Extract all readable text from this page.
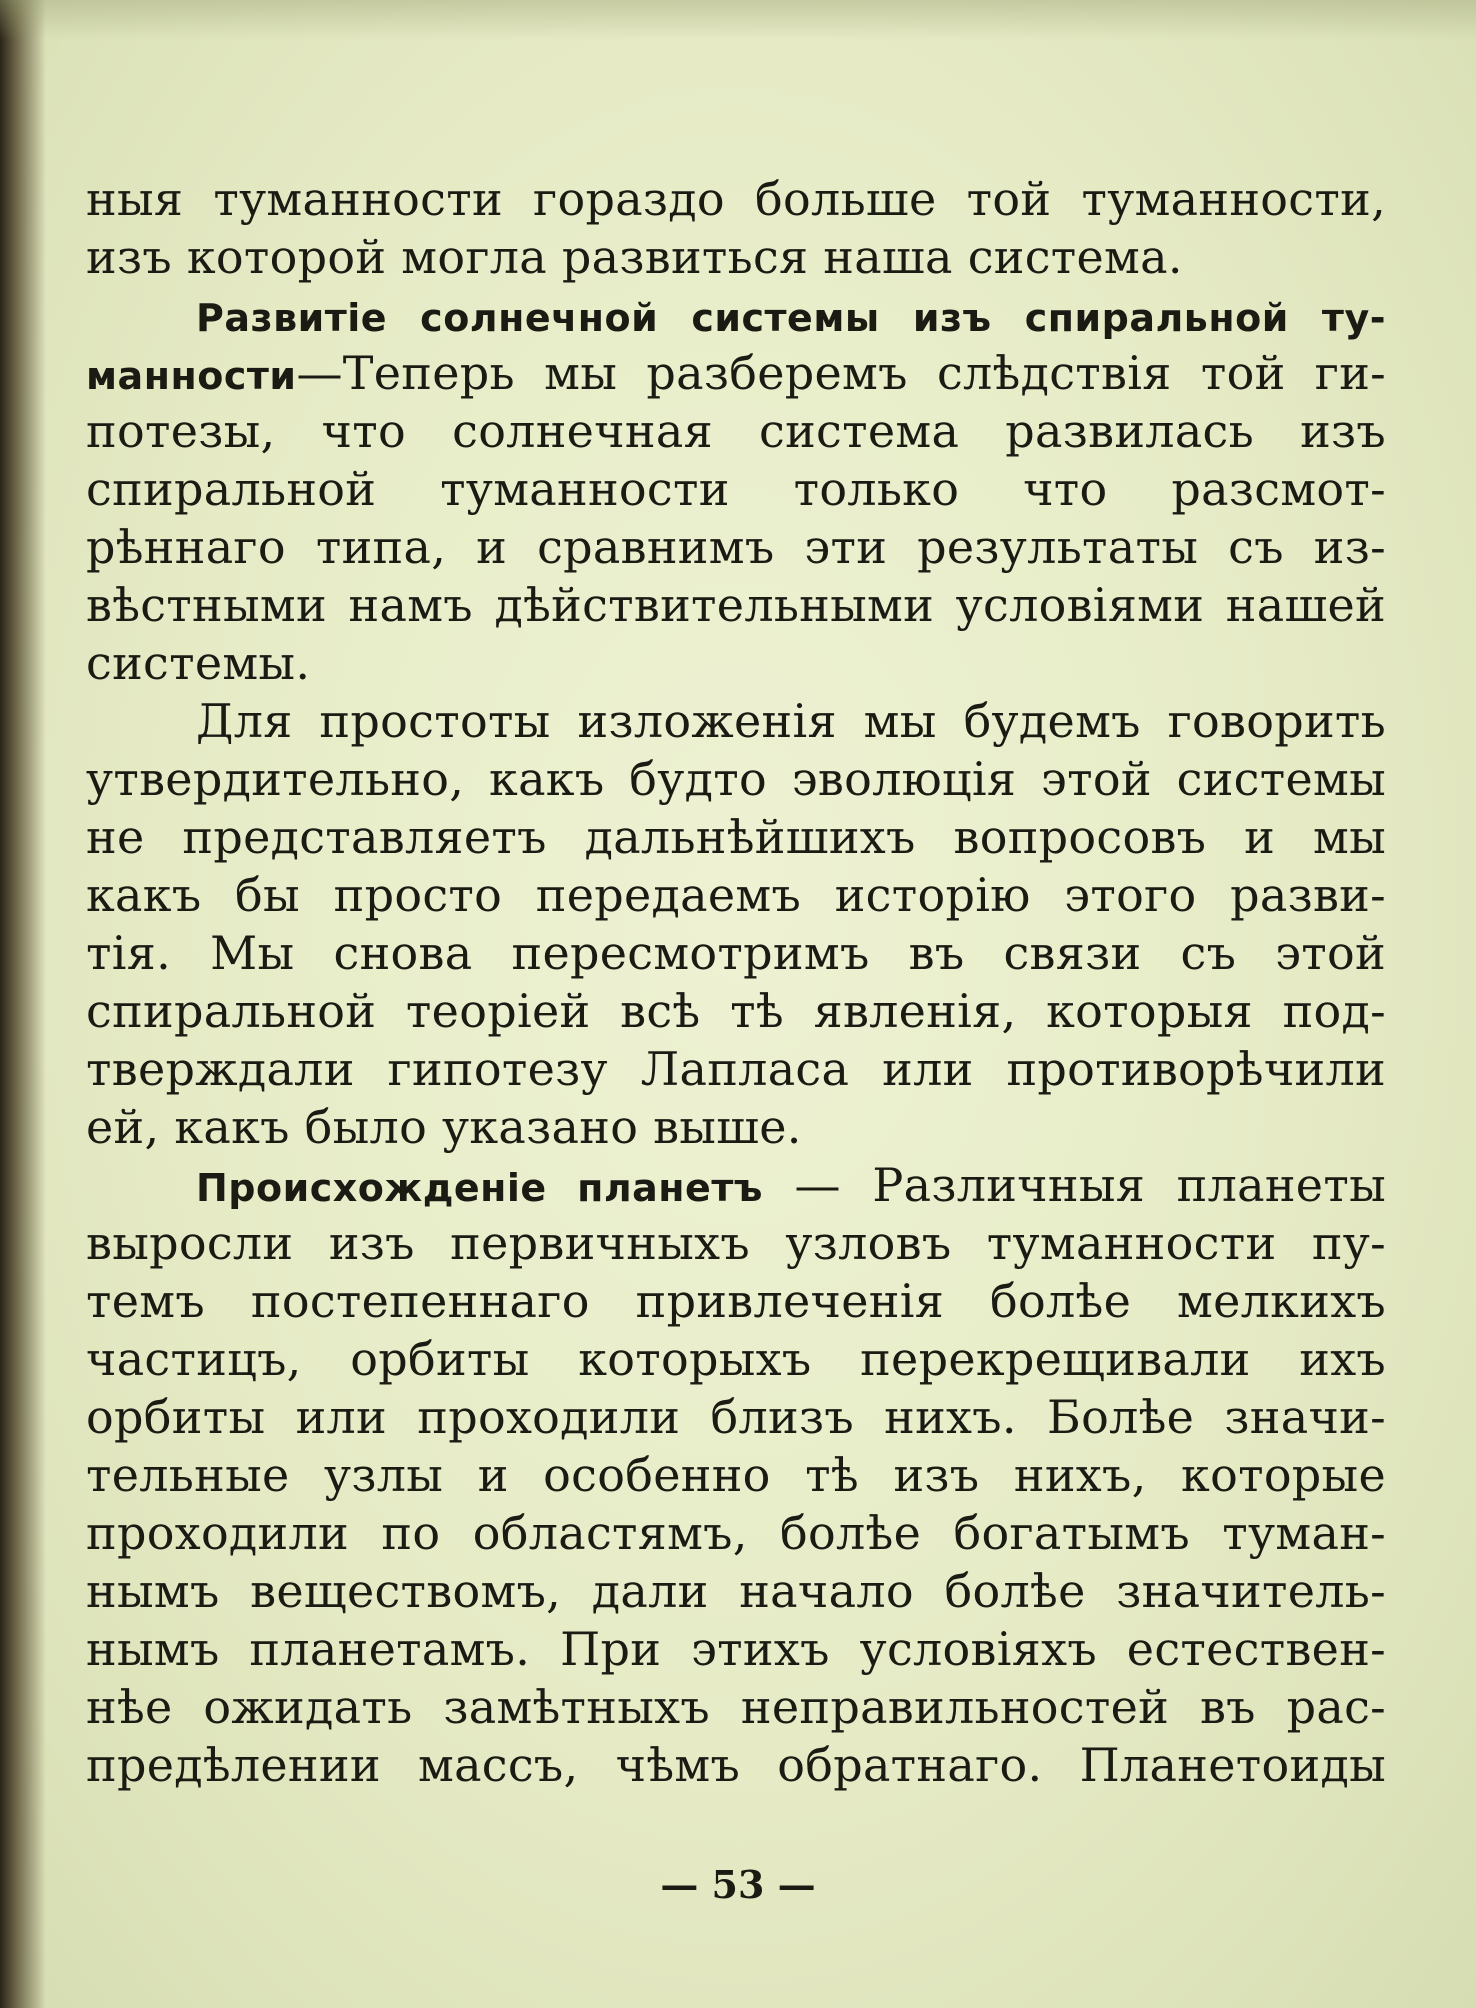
ныя туманности гораздо больше той туманности,
изъ которой могла развиться наша система.
Развитіе солнечной системы изъ спиральной ту-
манности—Теперь мы разберемъ слѣдствія той ги-
потезы, что солнечная система развилась изъ
спиральной туманности только что разсмот-
рѣннаго типа, и сравнимъ эти результаты съ из-
вѣстными намъ дѣйствительными условіями нашей
системы.
Для простоты изложенія мы будемъ говорить
утвердительно, какъ будто эволюція этой системы
не представляетъ дальнѣйшихъ вопросовъ и мы
какъ бы просто передаемъ исторію этого разви-
тія. Мы снова пересмотримъ въ связи съ этой
спиральной теоріей всѣ тѣ явленія, которыя под-
тверждали гипотезу Лапласа или противорѣчили
ей, какъ было указано выше.
Происхожденіе планетъ — Различныя планеты
выросли изъ первичныхъ узловъ туманности пу-
темъ постепеннаго привлеченія болѣе мелкихъ
частицъ, орбиты которыхъ перекрещивали ихъ
орбиты или проходили близъ нихъ. Болѣе значи-
тельные узлы и особенно тѣ изъ нихъ, которые
проходили по областямъ, болѣе богатымъ туман-
нымъ веществомъ, дали начало болѣе значитель-
нымъ планетамъ. При этихъ условіяхъ естествен-
нѣе ожидать замѣтныхъ неправильностей въ рас-
предѣлении массъ, чѣмъ обратнаго. Планетоиды
— 53 —
